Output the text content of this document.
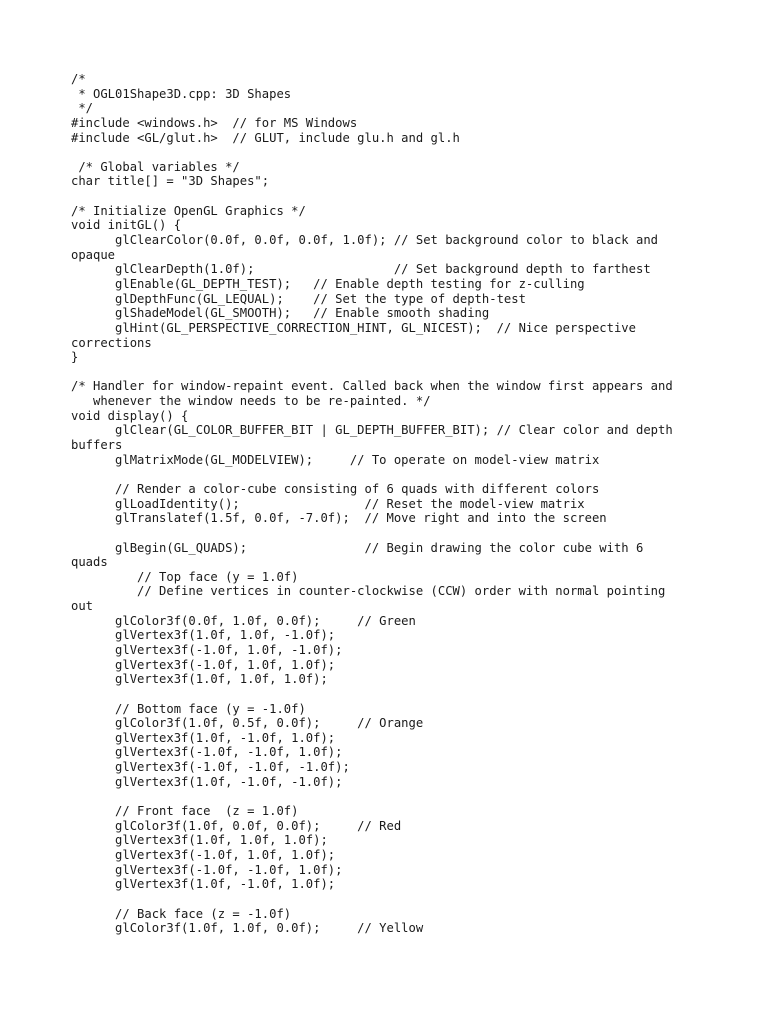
/*
* OGL01Shape3D.cpp: 3D Shapes
*/
#include <windows.h>  // for MS Windows
#include <GL/glut.h>  // GLUT, include glu.h and gl.h
/* Global variables */
char title[] = "3D Shapes";
/* Initialize OpenGL Graphics */
void initGL() {
glClearColor(0.0f, 0.0f, 0.0f, 1.0f); // Set background color to black and
opaque
glClearDepth(1.0f);                   // Set background depth to farthest
glEnable(GL_DEPTH_TEST);   // Enable depth testing for z-culling
glDepthFunc(GL_LEQUAL);    // Set the type of depth-test
glShadeModel(GL_SMOOTH);   // Enable smooth shading
glHint(GL_PERSPECTIVE_CORRECTION_HINT, GL_NICEST);  // Nice perspective
corrections
}
/* Handler for window-repaint event. Called back when the window first appears and
whenever the window needs to be re-painted. */
void display() {
glClear(GL_COLOR_BUFFER_BIT | GL_DEPTH_BUFFER_BIT); // Clear color and depth
buffers
glMatrixMode(GL_MODELVIEW);     // To operate on model-view matrix
// Render a color-cube consisting of 6 quads with different colors
glLoadIdentity();                 // Reset the model-view matrix
glTranslatef(1.5f, 0.0f, -7.0f);  // Move right and into the screen
glBegin(GL_QUADS);                // Begin drawing the color cube with 6
quads
// Top face (y = 1.0f)
// Define vertices in counter-clockwise (CCW) order with normal pointing
out
glColor3f(0.0f, 1.0f, 0.0f);     // Green
glVertex3f(1.0f, 1.0f, -1.0f);
glVertex3f(-1.0f, 1.0f, -1.0f);
glVertex3f(-1.0f, 1.0f, 1.0f);
glVertex3f(1.0f, 1.0f, 1.0f);
// Bottom face (y = -1.0f)
glColor3f(1.0f, 0.5f, 0.0f);     // Orange
glVertex3f(1.0f, -1.0f, 1.0f);
glVertex3f(-1.0f, -1.0f, 1.0f);
glVertex3f(-1.0f, -1.0f, -1.0f);
glVertex3f(1.0f, -1.0f, -1.0f);
// Front face  (z = 1.0f)
glColor3f(1.0f, 0.0f, 0.0f);     // Red
glVertex3f(1.0f, 1.0f, 1.0f);
glVertex3f(-1.0f, 1.0f, 1.0f);
glVertex3f(-1.0f, -1.0f, 1.0f);
glVertex3f(1.0f, -1.0f, 1.0f);
// Back face (z = -1.0f)
glColor3f(1.0f, 1.0f, 0.0f);     // Yellow
